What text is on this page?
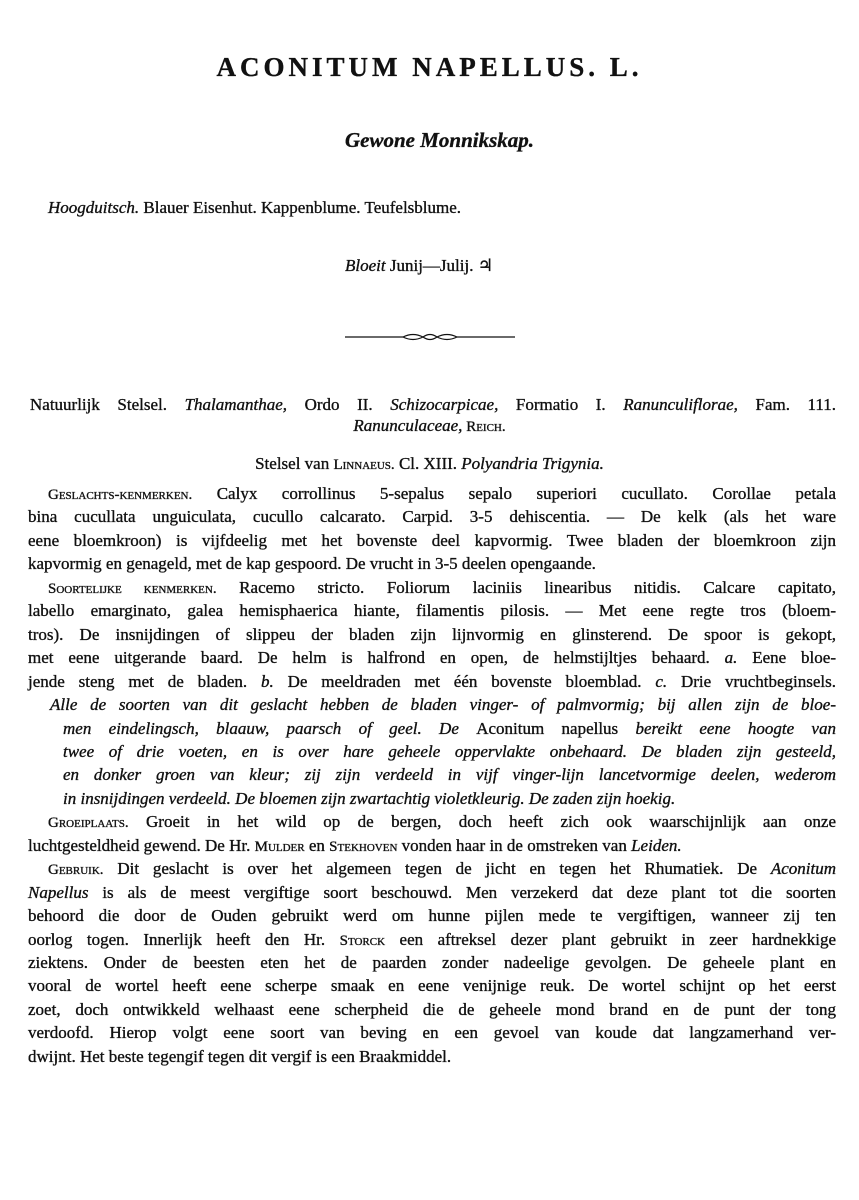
ACONITUM NAPELLUS. L.
Gewone Monnikskap.
Hoogduitsch. Blauer Eisenhut. Kappenblume. Teufelsblume.
Bloeit Junij—Julij. ♃
Natuurlijk Stelsel. Thalamanthae, Ordo II. Schizocarpicae, Formatio I. Ranunculiflorae, Fam. 111.
Ranunculaceae, Reich.
Stelsel van Linnaeus. Cl. XIII. Polyandria Trigynia.
Geslachts-kenmerken. Calyx corrollinus 5-sepalus sepalo superiori cucullato. Corollae petala
bina cucullata unguiculata, cucullo calcarato. Carpid. 3-5 dehiscentia. — De kelk (als het ware
eene bloemkroon) is vijfdeelig met het bovenste deel kapvormig. Twee bladen der bloemkroon zijn
kapvormig en genageld, met de kap gespoord. De vrucht in 3-5 deelen opengaande.
Soortelijke kenmerken. Racemo stricto. Foliorum laciniis linearibus nitidis. Calcare capitato,
labello emarginato, galea hemisphaerica hiante, filamentis pilosis. — Met eene regte tros (bloem-
tros). De insnijdingen of slippeu der bladen zijn lijnvormig en glinsterend. De spoor is gekopt,
met eene uitgerande baard. De helm is halfrond en open, de helmstijltjes behaard. a. Eene bloe-
jende steng met de bladen. b. De meeldraden met één bovenste bloemblad. c. Drie vruchtbeginsels.
Alle de soorten van dit geslacht hebben de bladen vinger- of palmvormig; bij allen zijn de bloe-
men eindelingsch, blaauw, paarsch of geel. De Aconitum napellus bereikt eene hoogte van
twee of drie voeten, en is over hare geheele oppervlakte onbehaard. De bladen zijn gesteeld,
en donker groen van kleur; zij zijn verdeeld in vijf vinger-lijn lancetvormige deelen, wederom
in insnijdingen verdeeld. De bloemen zijn zwartachtig violetkleurig. De zaden zijn hoekig.
Groeiplaats. Groeit in het wild op de bergen, doch heeft zich ook waarschijnlijk aan onze
luchtgesteldheid gewend. De Hr. Mulder en Stekhoven vonden haar in de omstreken van Leiden.
Gebruik. Dit geslacht is over het algemeen tegen de jicht en tegen het Rhumatiek. De Aconitum
Napellus is als de meest vergiftige soort beschouwd. Men verzekerd dat deze plant tot die soorten
behoord die door de Ouden gebruikt werd om hunne pijlen mede te vergiftigen, wanneer zij ten
oorlog togen. Innerlijk heeft den Hr. Storck een aftreksel dezer plant gebruikt in zeer hardnekkige
ziektens. Onder de beesten eten het de paarden zonder nadeelige gevolgen. De geheele plant en
vooral de wortel heeft eene scherpe smaak en eene venijnige reuk. De wortel schijnt op het eerst
zoet, doch ontwikkeld welhaast eene scherpheid die de geheele mond brand en de punt der tong
verdoofd. Hierop volgt eene soort van beving en een gevoel van koude dat langzamerhand ver-
dwijnt. Het beste tegengif tegen dit vergif is een Braakmiddel.
